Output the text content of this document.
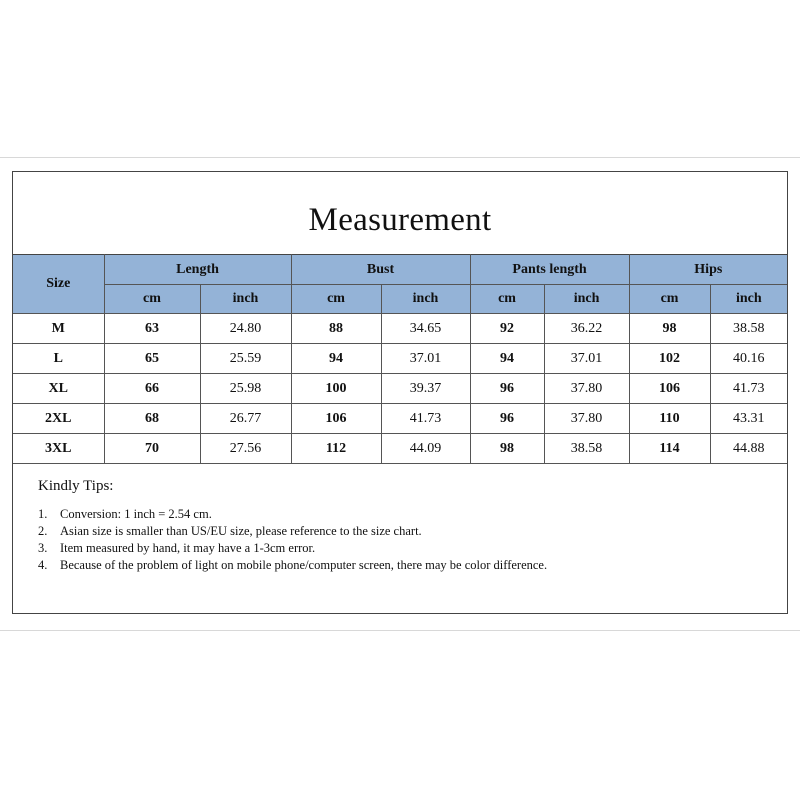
Measurement
Size	Length		Bust		Pants length		Hips	
	cm	inch	cm	inch	cm	inch	cm	inch
M	63	24.80	88	34.65	92	36.22	98	38.58
L	65	25.59	94	37.01	94	37.01	102	40.16
XL	66	25.98	100	39.37	96	37.80	106	41.73
2XL	68	26.77	106	41.73	96	37.80	110	43.31
3XL	70	27.56	112	44.09	98	38.58	114	44.88
Kindly Tips:
1.	Conversion: 1 inch = 2.54 cm.
2.	Asian size is smaller than US/EU size, please reference to the size chart.
3.	Item measured by hand, it may have a 1-3cm error.
4.	Because of the problem of light on mobile phone/computer screen, there may be color difference.
